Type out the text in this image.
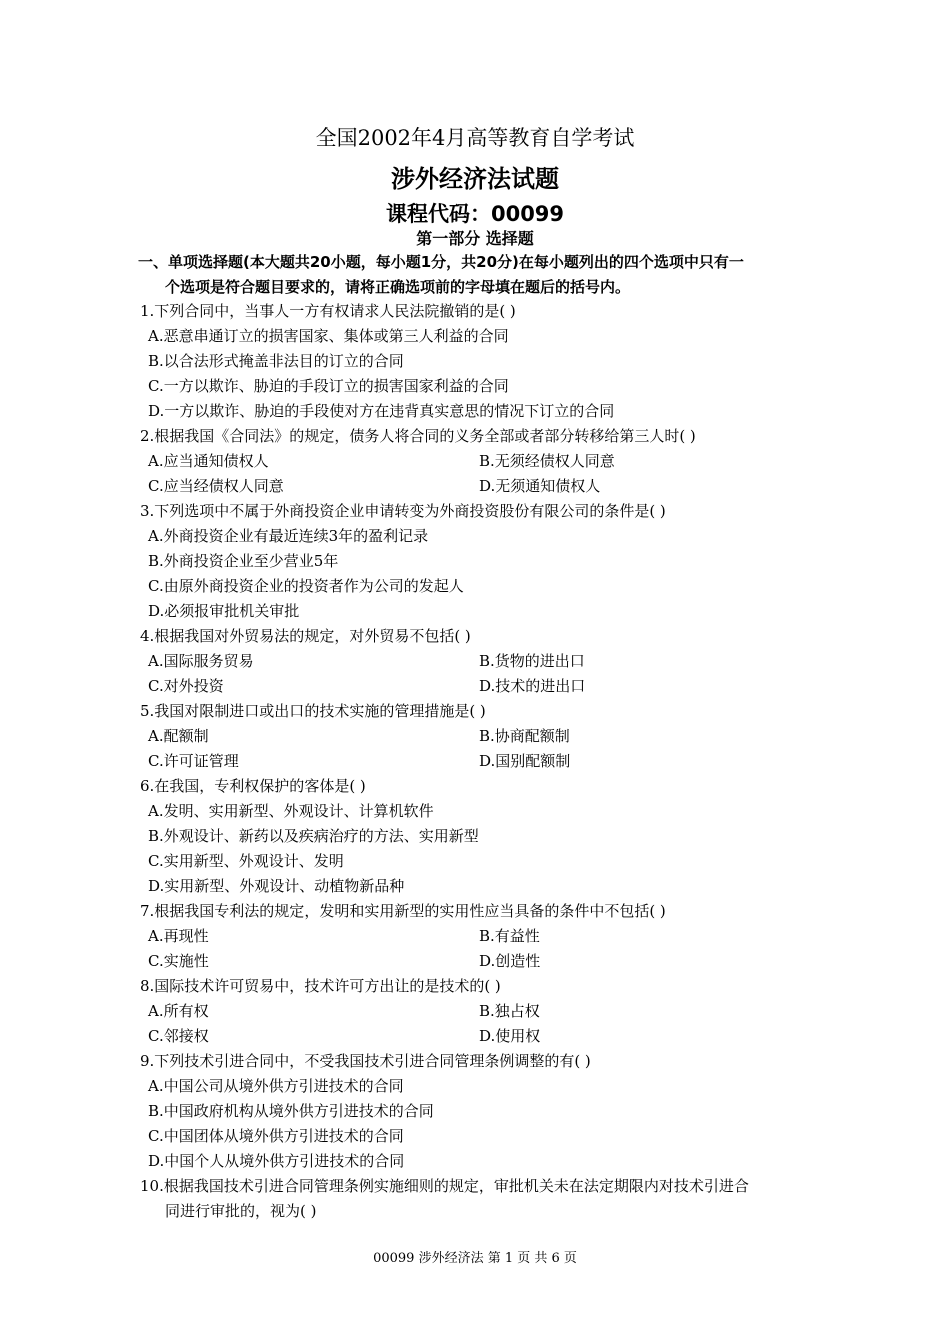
全国2002年4月高等教育自学考试
涉外经济法试题
课程代码：00099
第一部分 选择题
一、单项选择题(本大题共20小题，每小题1分，共20分)在每小题列出的四个选项中只有一
个选项是符合题目要求的，请将正确选项前的字母填在题后的括号内。
1.下列合同中，当事人一方有权请求人民法院撤销的是( )
A.恶意串通订立的损害国家、集体或第三人利益的合同
B.以合法形式掩盖非法目的订立的合同
C.一方以欺诈、胁迫的手段订立的损害国家利益的合同
D.一方以欺诈、胁迫的手段使对方在违背真实意思的情况下订立的合同
2.根据我国《合同法》的规定，债务人将合同的义务全部或者部分转移给第三人时( )
A.应当通知债权人	B.无须经债权人同意
C.应当经债权人同意	D.无须通知债权人
3.下列选项中不属于外商投资企业申请转变为外商投资股份有限公司的条件是( )
A.外商投资企业有最近连续3年的盈利记录
B.外商投资企业至少营业5年
C.由原外商投资企业的投资者作为公司的发起人
D.必须报审批机关审批
4.根据我国对外贸易法的规定，对外贸易不包括( )
A.国际服务贸易	B.货物的进出口
C.对外投资	D.技术的进出口
5.我国对限制进口或出口的技术实施的管理措施是( )
A.配额制	B.协商配额制
C.许可证管理	D.国别配额制
6.在我国，专利权保护的客体是( )
A.发明、实用新型、外观设计、计算机软件
B.外观设计、新药以及疾病治疗的方法、实用新型
C.实用新型、外观设计、发明
D.实用新型、外观设计、动植物新品种
7.根据我国专利法的规定，发明和实用新型的实用性应当具备的条件中不包括( )
A.再现性	B.有益性
C.实施性	D.创造性
8.国际技术许可贸易中，技术许可方出让的是技术的( )
A.所有权	B.独占权
C.邻接权	D.使用权
9.下列技术引进合同中，不受我国技术引进合同管理条例调整的有( )
A.中国公司从境外供方引进技术的合同
B.中国政府机构从境外供方引进技术的合同
C.中国团体从境外供方引进技术的合同
D.中国个人从境外供方引进技术的合同
10.根据我国技术引进合同管理条例实施细则的规定，审批机关未在法定期限内对技术引进合
同进行审批的，视为( )
00099 涉外经济法 第 1 页 共 6 页
